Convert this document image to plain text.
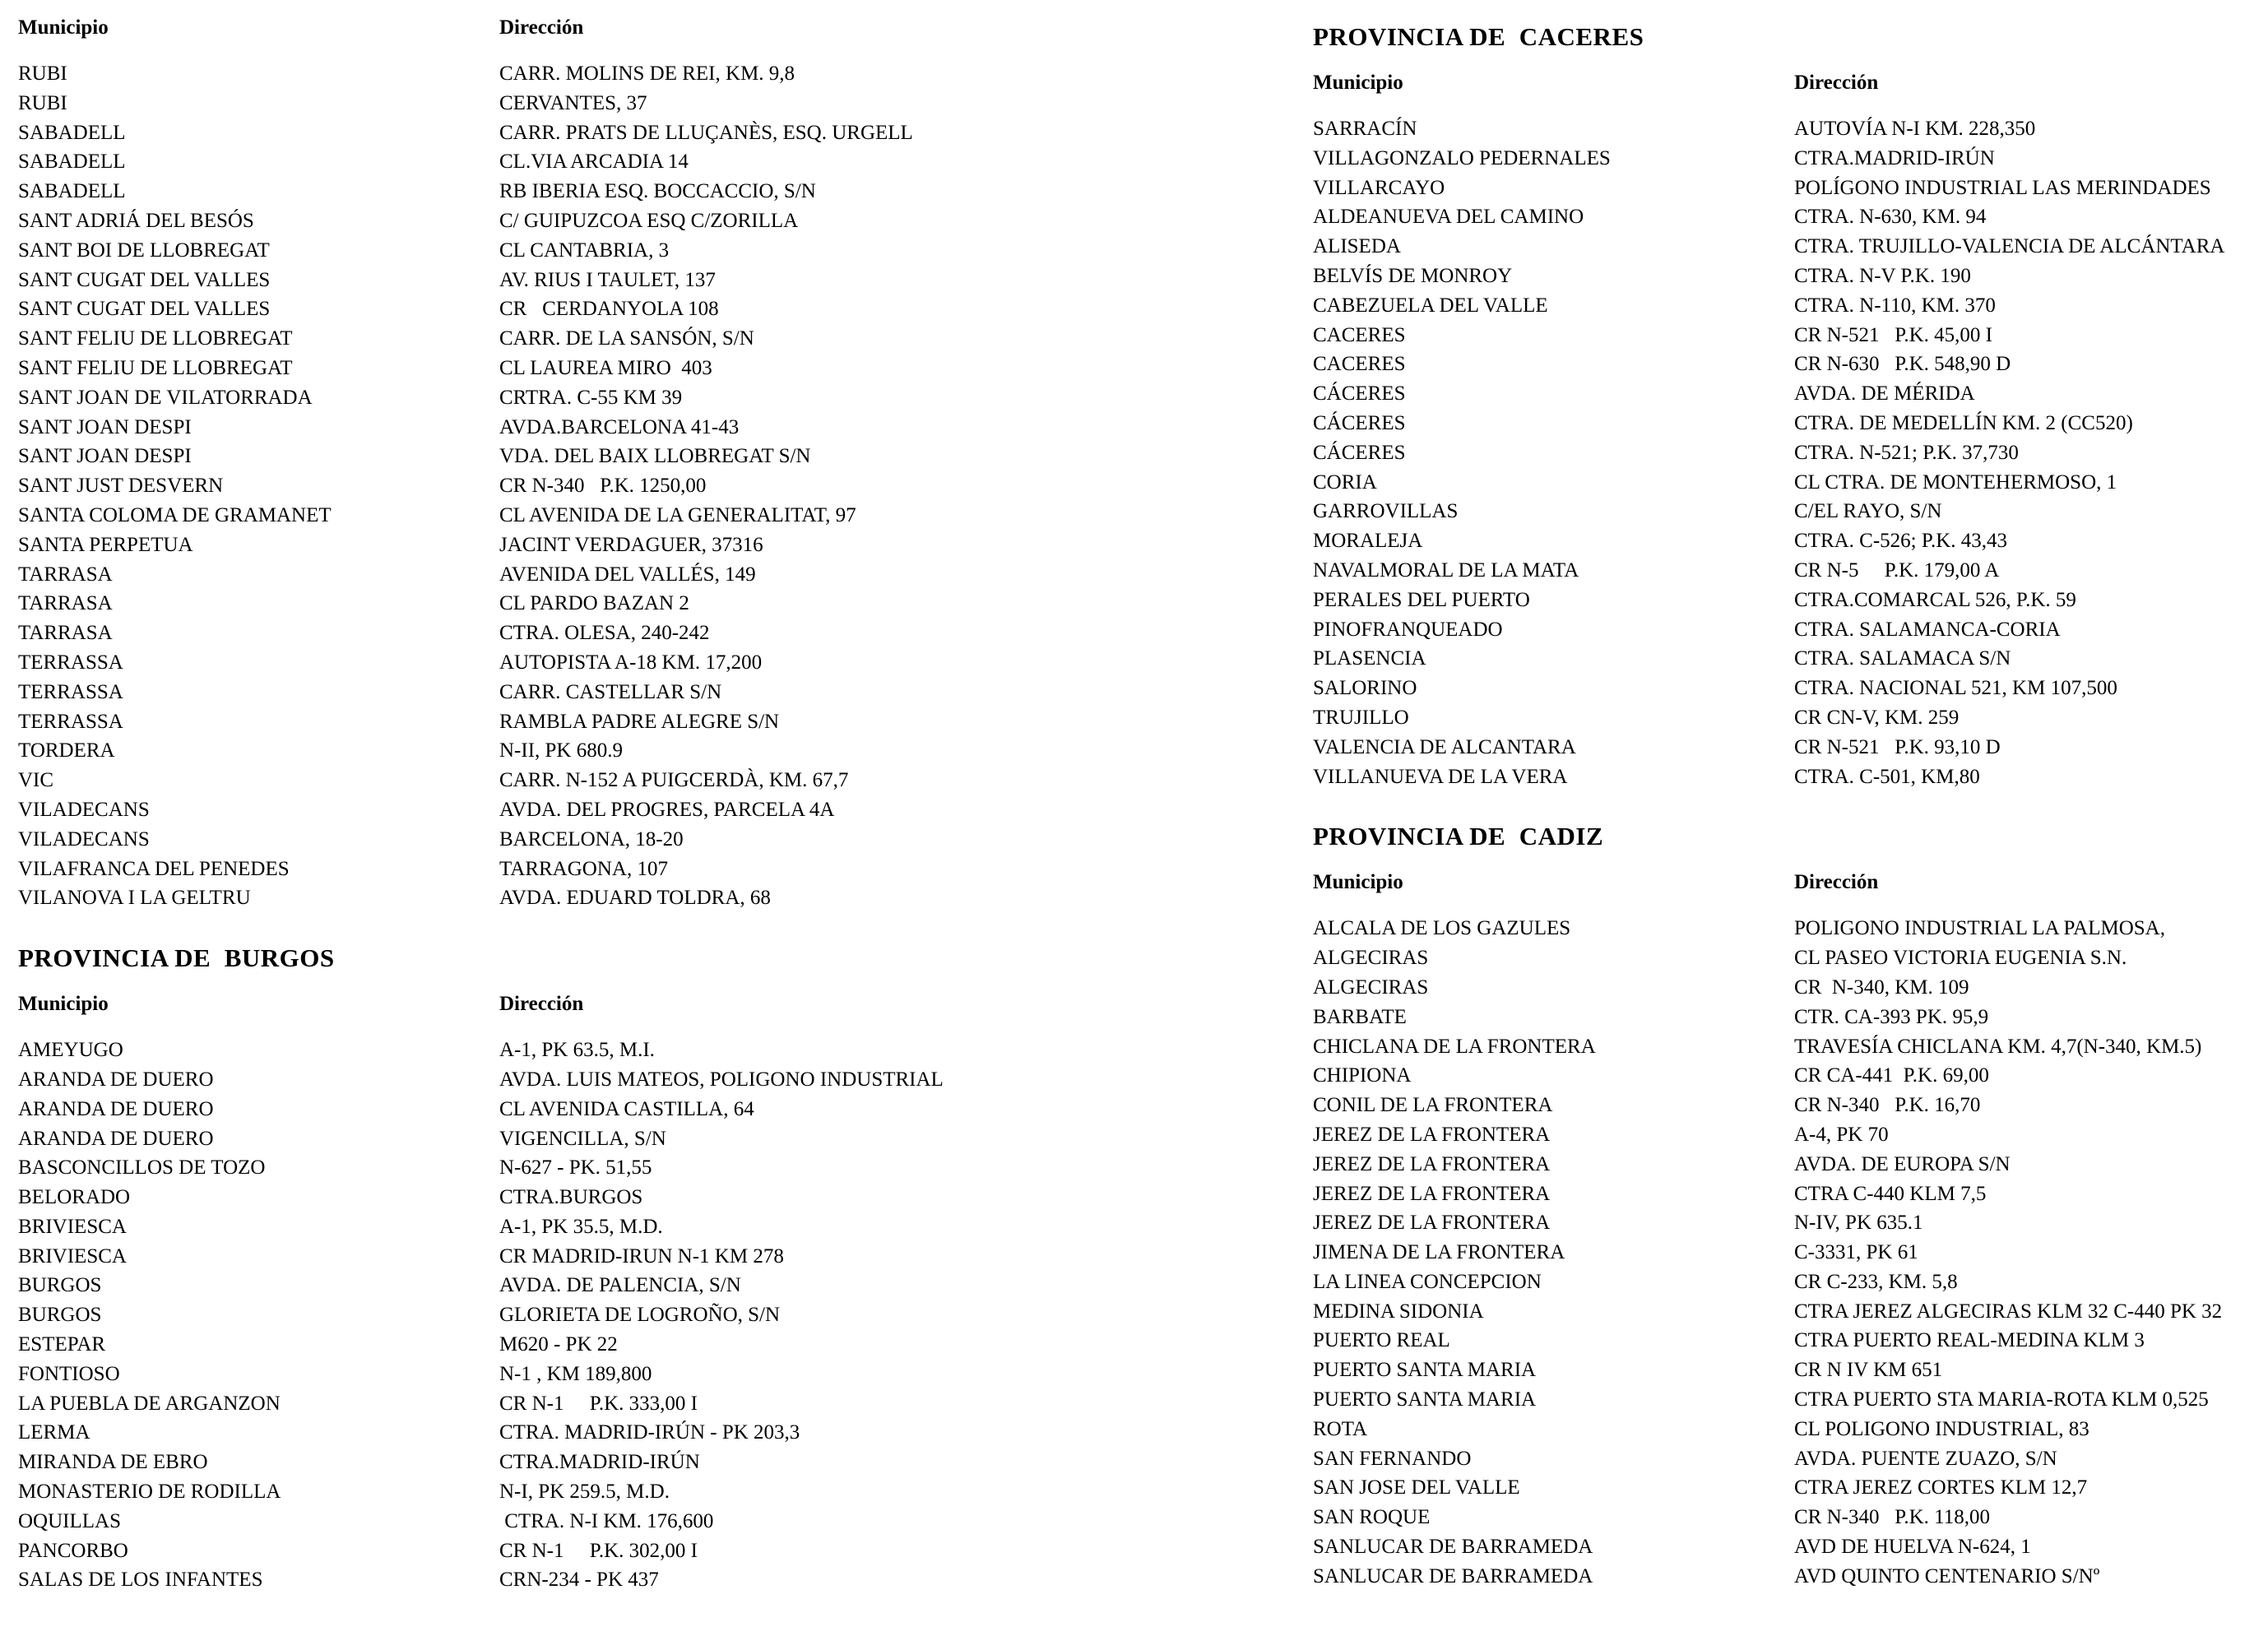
Municipio	Dirección
RUBI	CARR. MOLINS DE REI, KM. 9,8
RUBI	CERVANTES, 37
SABADELL	CARR. PRATS DE LLUÇANÈS, ESQ. URGELL
SABADELL	CL.VIA ARCADIA 14
SABADELL	RB IBERIA ESQ. BOCCACCIO, S/N
SANT ADRIÁ DEL BESÓS	C/ GUIPUZCOA ESQ C/ZORILLA
SANT BOI DE LLOBREGAT	CL CANTABRIA, 3
SANT CUGAT DEL VALLES	AV. RIUS I TAULET, 137
SANT CUGAT DEL VALLES	CR   CERDANYOLA 108
SANT FELIU DE LLOBREGAT	CARR. DE LA SANSÓN, S/N
SANT FELIU DE LLOBREGAT	CL LAUREA MIRO  403
SANT JOAN DE VILATORRADA	CRTRA. C-55 KM 39
SANT JOAN DESPI	AVDA.BARCELONA 41-43
SANT JOAN DESPI	VDA. DEL BAIX LLOBREGAT S/N
SANT JUST DESVERN	CR N-340   P.K. 1250,00
SANTA COLOMA DE GRAMANET	CL AVENIDA DE LA GENERALITAT, 97
SANTA PERPETUA	JACINT VERDAGUER, 37316
TARRASA	AVENIDA DEL VALLÉS, 149
TARRASA	CL PARDO BAZAN 2
TARRASA	CTRA. OLESA, 240-242
TERRASSA	AUTOPISTA A-18 KM. 17,200
TERRASSA	CARR. CASTELLAR S/N
TERRASSA	RAMBLA PADRE ALEGRE S/N
TORDERA	N-II, PK 680.9
VIC	CARR. N-152 A PUIGCERDÀ, KM. 67,7
VILADECANS	AVDA. DEL PROGRES, PARCELA 4A
VILADECANS	BARCELONA, 18-20
VILAFRANCA DEL PENEDES	TARRAGONA, 107
VILANOVA I LA GELTRU	AVDA. EDUARD TOLDRA, 68
PROVINCIA DE  BURGOS
Municipio	Dirección
AMEYUGO	A-1, PK 63.5, M.I.
ARANDA DE DUERO	AVDA. LUIS MATEOS, POLIGONO INDUSTRIAL
ARANDA DE DUERO	CL AVENIDA CASTILLA, 64
ARANDA DE DUERO	VIGENCILLA, S/N
BASCONCILLOS DE TOZO	N-627 - PK. 51,55
BELORADO	CTRA.BURGOS
BRIVIESCA	A-1, PK 35.5, M.D.
BRIVIESCA	CR MADRID-IRUN N-1 KM 278
BURGOS	AVDA. DE PALENCIA, S/N
BURGOS	GLORIETA DE LOGROÑO, S/N
ESTEPAR	M620 - PK 22
FONTIOSO	N-1 , KM 189,800
LA PUEBLA DE ARGANZON	CR N-1     P.K. 333,00 I
LERMA	CTRA. MADRID-IRÚN - PK 203,3
MIRANDA DE EBRO	CTRA.MADRID-IRÚN
MONASTERIO DE RODILLA	N-I, PK 259.5, M.D.
OQUILLAS	CTRA. N-I KM. 176,600
PANCORBO	CR N-1     P.K. 302,00 I
SALAS DE LOS INFANTES	CRN-234 - PK 437
PROVINCIA DE  CACERES
Municipio	Dirección
SARRACÍN	AUTOVÍA N-I KM. 228,350
VILLAGONZALO PEDERNALES	CTRA.MADRID-IRÚN
VILLARCAYO	POLÍGONO INDUSTRIAL LAS MERINDADES
ALDEANUEVA DEL CAMINO	CTRA. N-630, KM. 94
ALISEDA	CTRA. TRUJILLO-VALENCIA DE ALCÁNTARA
BELVÍS DE MONROY	CTRA. N-V P.K. 190
CABEZUELA DEL VALLE	CTRA. N-110, KM. 370
CACERES	CR N-521   P.K. 45,00 I
CACERES	CR N-630   P.K. 548,90 D
CÁCERES	AVDA. DE MÉRIDA
CÁCERES	CTRA. DE MEDELLÍN KM. 2 (CC520)
CÁCERES	CTRA. N-521; P.K. 37,730
CORIA	CL CTRA. DE MONTEHERMOSO, 1
GARROVILLAS	C/EL RAYO, S/N
MORALEJA	CTRA. C-526; P.K. 43,43
NAVALMORAL DE LA MATA	CR N-5     P.K. 179,00 A
PERALES DEL PUERTO	CTRA.COMARCAL 526, P.K. 59
PINOFRANQUEADO	CTRA. SALAMANCA-CORIA
PLASENCIA	CTRA. SALAMACA S/N
SALORINO	CTRA. NACIONAL 521, KM 107,500
TRUJILLO	CR CN-V, KM. 259
VALENCIA DE ALCANTARA	CR N-521   P.K. 93,10 D
VILLANUEVA DE LA VERA	CTRA. C-501, KM,80
PROVINCIA DE  CADIZ
Municipio	Dirección
ALCALA DE LOS GAZULES	POLIGONO INDUSTRIAL LA PALMOSA,
ALGECIRAS	CL PASEO VICTORIA EUGENIA S.N.
ALGECIRAS	CR  N-340, KM. 109
BARBATE	CTR. CA-393 PK. 95,9
CHICLANA DE LA FRONTERA	TRAVESÍA CHICLANA KM. 4,7(N-340, KM.5)
CHIPIONA	CR CA-441  P.K. 69,00
CONIL DE LA FRONTERA	CR N-340   P.K. 16,70
JEREZ DE LA FRONTERA	A-4, PK 70
JEREZ DE LA FRONTERA	AVDA. DE EUROPA S/N
JEREZ DE LA FRONTERA	CTRA C-440 KLM 7,5
JEREZ DE LA FRONTERA	N-IV, PK 635.1
JIMENA DE LA FRONTERA	C-3331, PK 61
LA LINEA CONCEPCION	CR C-233, KM. 5,8
MEDINA SIDONIA	CTRA JEREZ ALGECIRAS KLM 32 C-440 PK 32
PUERTO REAL	CTRA PUERTO REAL-MEDINA KLM 3
PUERTO SANTA MARIA	CR N IV KM 651
PUERTO SANTA MARIA	CTRA PUERTO STA MARIA-ROTA KLM 0,525
ROTA	CL POLIGONO INDUSTRIAL, 83
SAN FERNANDO	AVDA. PUENTE ZUAZO, S/N
SAN JOSE DEL VALLE	CTRA JEREZ CORTES KLM 12,7
SAN ROQUE	CR N-340   P.K. 118,00
SANLUCAR DE BARRAMEDA	AVD DE HUELVA N-624, 1
SANLUCAR DE BARRAMEDA	AVD QUINTO CENTENARIO S/Nº
